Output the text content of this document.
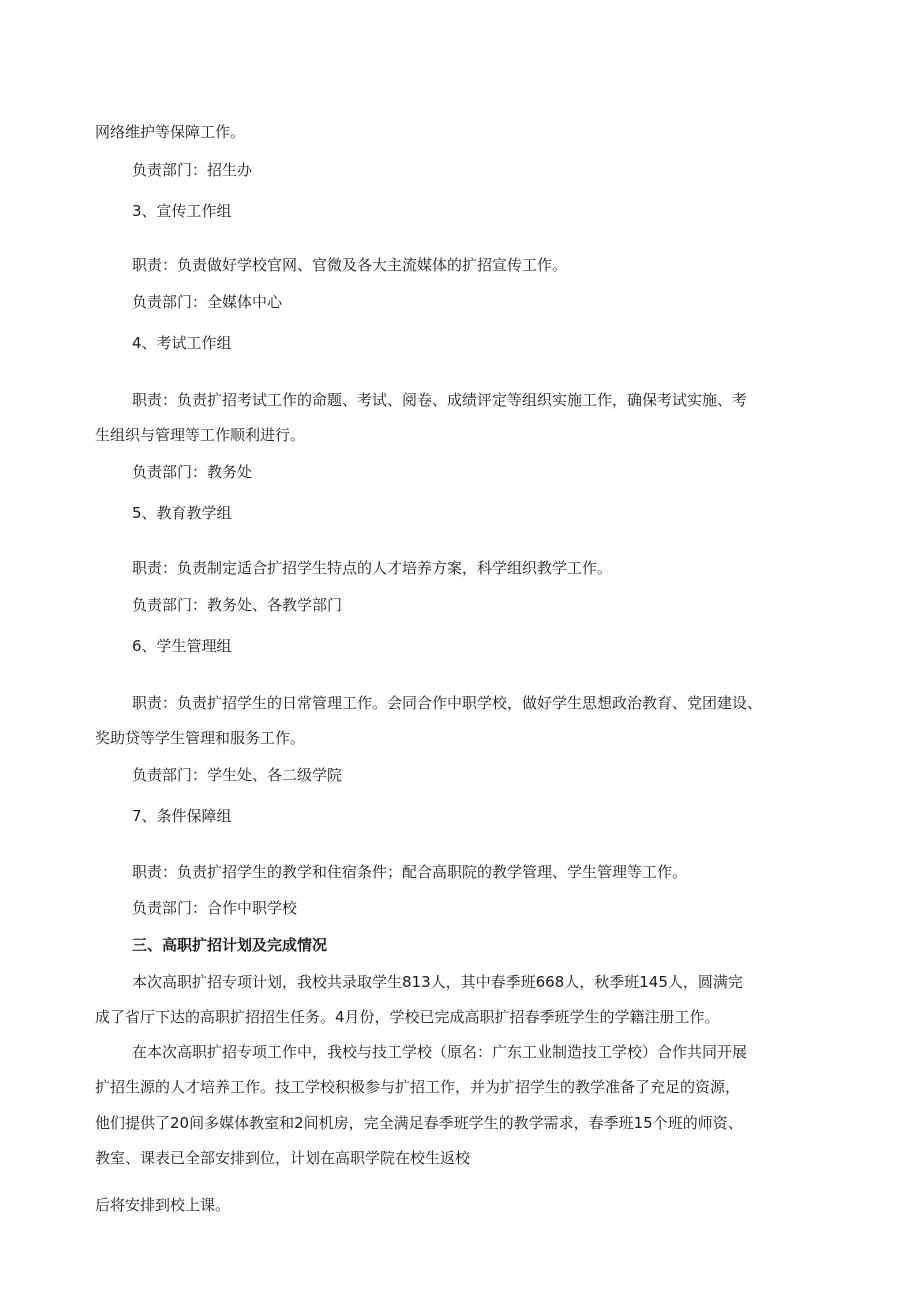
网络维护等保障工作。

负责部门：招生办

3、宣传工作组

职责：负责做好学校官网、官微及各大主流媒体的扩招宣传工作。

负责部门：全媒体中心

4、考试工作组

职责：负责扩招考试工作的命题、考试、阅卷、成绩评定等组织实施工作，确保考试实施、考

生组织与管理等工作顺利进行。

负责部门：教务处

5、教育教学组

职责：负责制定适合扩招学生特点的人才培养方案，科学组织教学工作。

负责部门：教务处、各教学部门

6、学生管理组

职责：负责扩招学生的日常管理工作。会同合作中职学校，做好学生思想政治教育、党团建设、

奖助贷等学生管理和服务工作。

负责部门：学生处、各二级学院

7、条件保障组

职责：负责扩招学生的教学和住宿条件；配合高职院的教学管理、学生管理等工作。

负责部门：合作中职学校

三、高职扩招计划及完成情况

本次高职扩招专项计划，我校共录取学生813人，其中春季班668人，秋季班145人，圆满完

成了省厅下达的高职扩招招生任务。4月份，学校已完成高职扩招春季班学生的学籍注册工作。

在本次高职扩招专项工作中，我校与技工学校（原名：广东工业制造技工学校）合作共同开展

扩招生源的人才培养工作。技工学校积极参与扩招工作，并为扩招学生的教学准备了充足的资源，

他们提供了20间多媒体教室和2间机房，完全满足春季班学生的教学需求，春季班15个班的师资、

教室、课表已全部安排到位，计划在高职学院在校生返校

后将安排到校上课。
